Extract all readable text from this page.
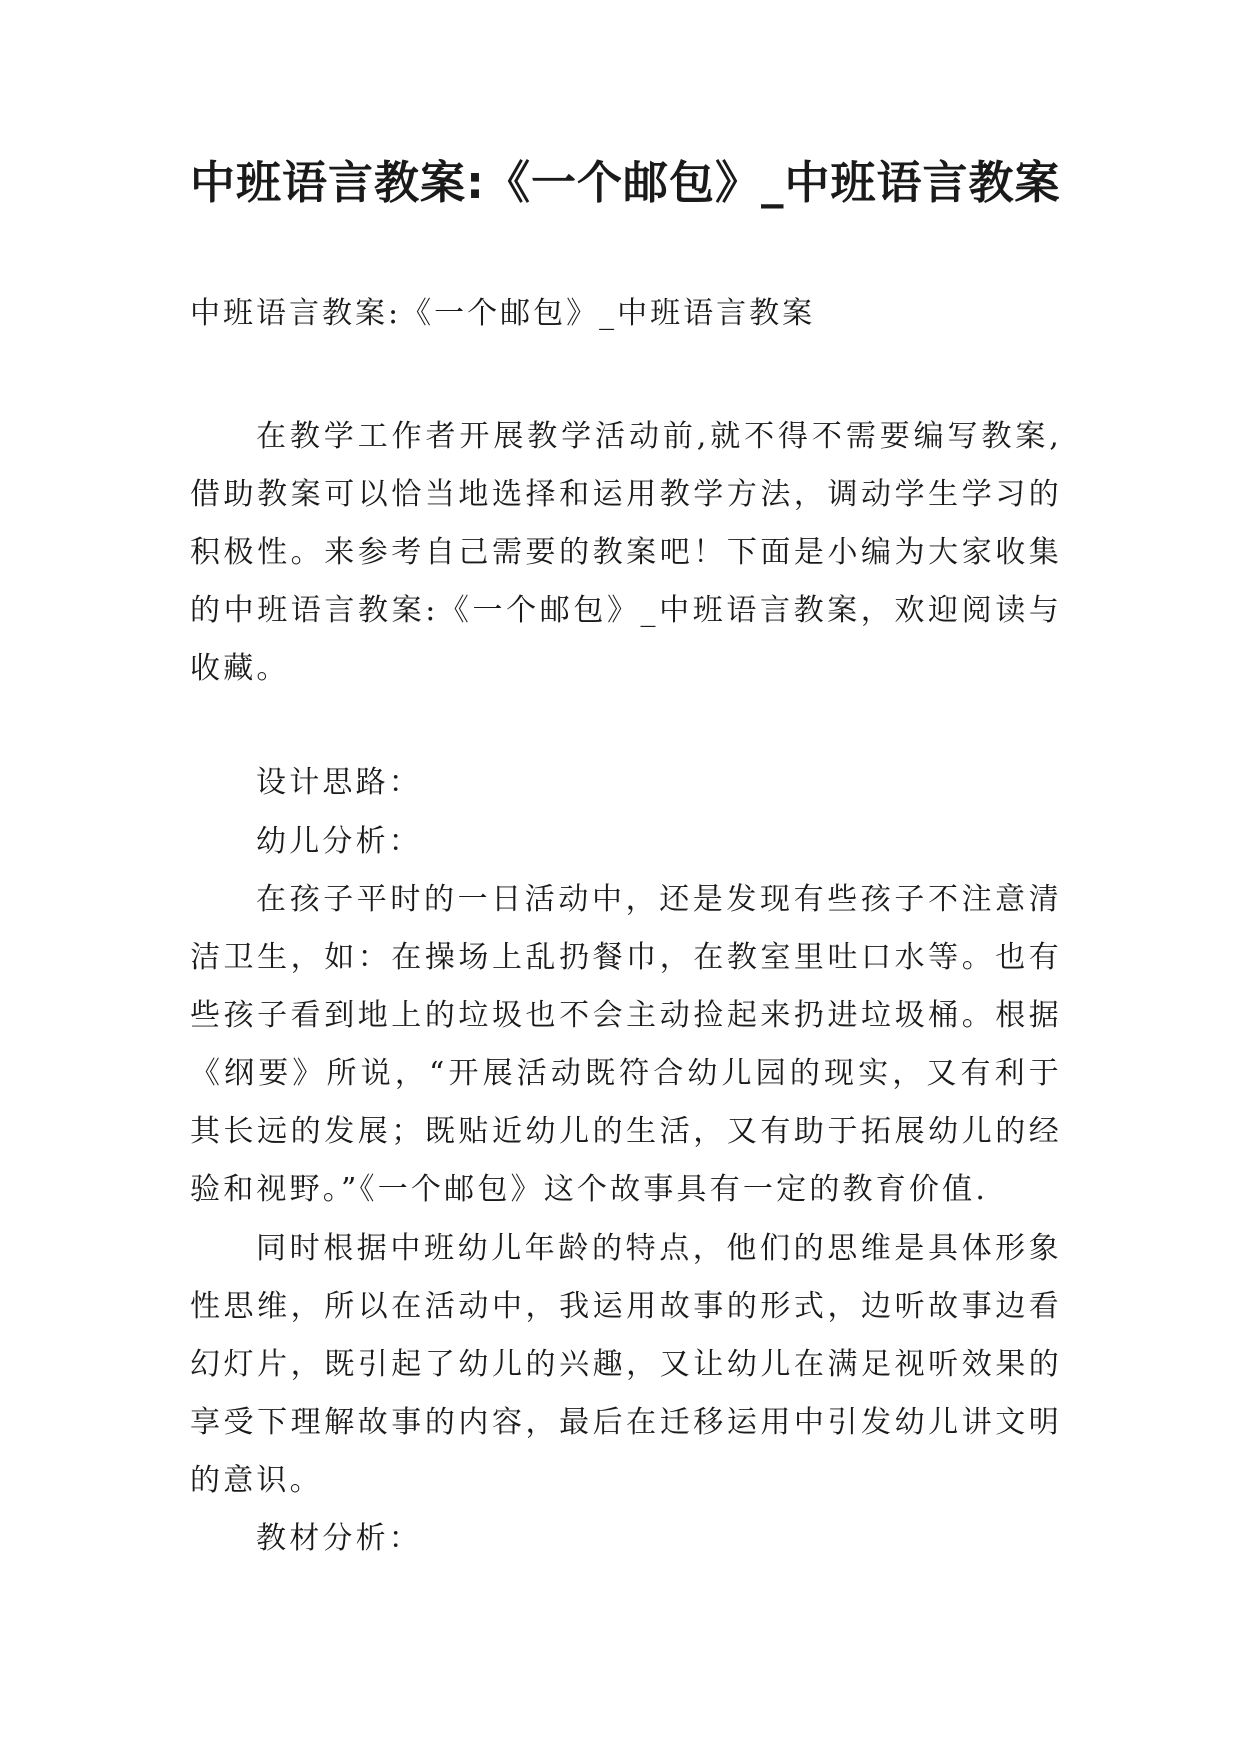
中班语言教案:《一个邮包》_中班语言教案

中班语言教案:《一个邮包》_中班语言教案

在教学工作者开展教学活动前,就不得不需要编写教案,借助教案可以恰当地选择和运用教学方法，调动学生学习的积极性。来参考自己需要的教案吧！下面是小编为大家收集的中班语言教案:《一个邮包》_中班语言教案，欢迎阅读与收藏。

设计思路：

幼儿分析：

在孩子平时的一日活动中，还是发现有些孩子不注意清洁卫生，如：在操场上乱扔餐巾，在教室里吐口水等。也有些孩子看到地上的垃圾也不会主动捡起来扔进垃圾桶。根据《纲要》所说，“开展活动既符合幼儿园的现实，又有利于其长远的发展；既贴近幼儿的生活，又有助于拓展幼儿的经验和视野。”《一个邮包》这个故事具有一定的教育价值.

同时根据中班幼儿年龄的特点，他们的思维是具体形象性思维，所以在活动中，我运用故事的形式，边听故事边看幻灯片，既引起了幼儿的兴趣，又让幼儿在满足视听效果的享受下理解故事的内容，最后在迁移运用中引发幼儿讲文明的意识。

教材分析：
